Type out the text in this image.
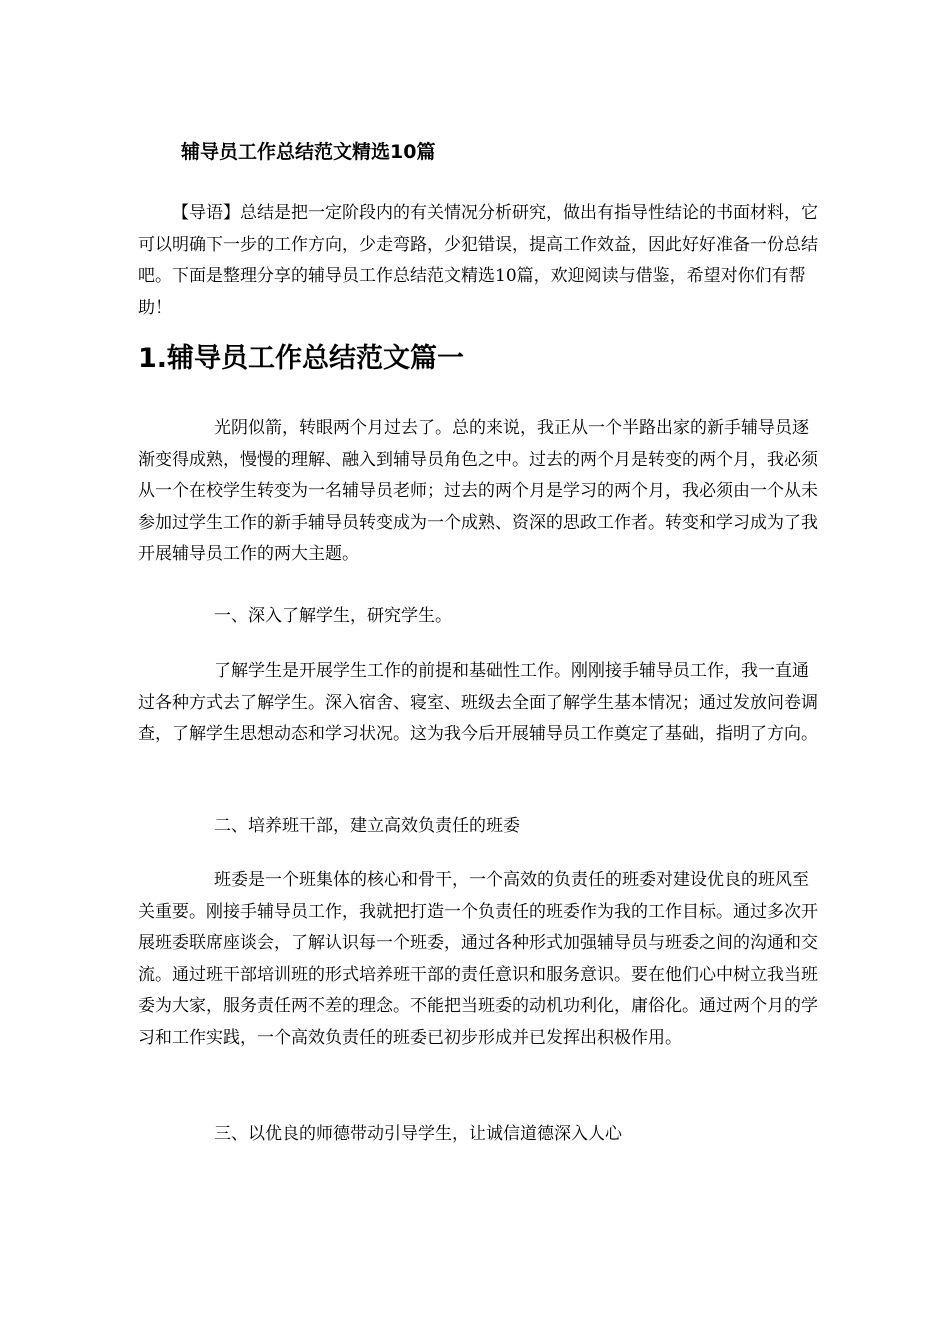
辅导员工作总结范文精选10篇

【导语】总结是把一定阶段内的有关情况分析研究，做出有指导性结论的书面材料，它可以明确下一步的工作方向，少走弯路，少犯错误，提高工作效益，因此好好准备一份总结吧。下面是整理分享的辅导员工作总结范文精选10篇，欢迎阅读与借鉴，希望对你们有帮助！

1.辅导员工作总结范文篇一

光阴似箭，转眼两个月过去了。总的来说，我正从一个半路出家的新手辅导员逐渐变得成熟，慢慢的理解、融入到辅导员角色之中。过去的两个月是转变的两个月，我必须从一个在校学生转变为一名辅导员老师；过去的两个月是学习的两个月，我必须由一个从未参加过学生工作的新手辅导员转变成为一个成熟、资深的思政工作者。转变和学习成为了我开展辅导员工作的两大主题。

一、深入了解学生，研究学生。

了解学生是开展学生工作的前提和基础性工作。刚刚接手辅导员工作，我一直通过各种方式去了解学生。深入宿舍、寝室、班级去全面了解学生基本情况；通过发放问卷调查，了解学生思想动态和学习状况。这为我今后开展辅导员工作奠定了基础，指明了方向。

二、培养班干部，建立高效负责任的班委

班委是一个班集体的核心和骨干，一个高效的负责任的班委对建设优良的班风至关重要。刚接手辅导员工作，我就把打造一个负责任的班委作为我的工作目标。通过多次开展班委联席座谈会，了解认识每一个班委，通过各种形式加强辅导员与班委之间的沟通和交流。通过班干部培训班的形式培养班干部的责任意识和服务意识。要在他们心中树立我当班委为大家，服务责任两不差的理念。不能把当班委的动机功利化，庸俗化。通过两个月的学习和工作实践，一个高效负责任的班委已初步形成并已发挥出积极作用。

三、以优良的师德带动引导学生，让诚信道德深入人心
